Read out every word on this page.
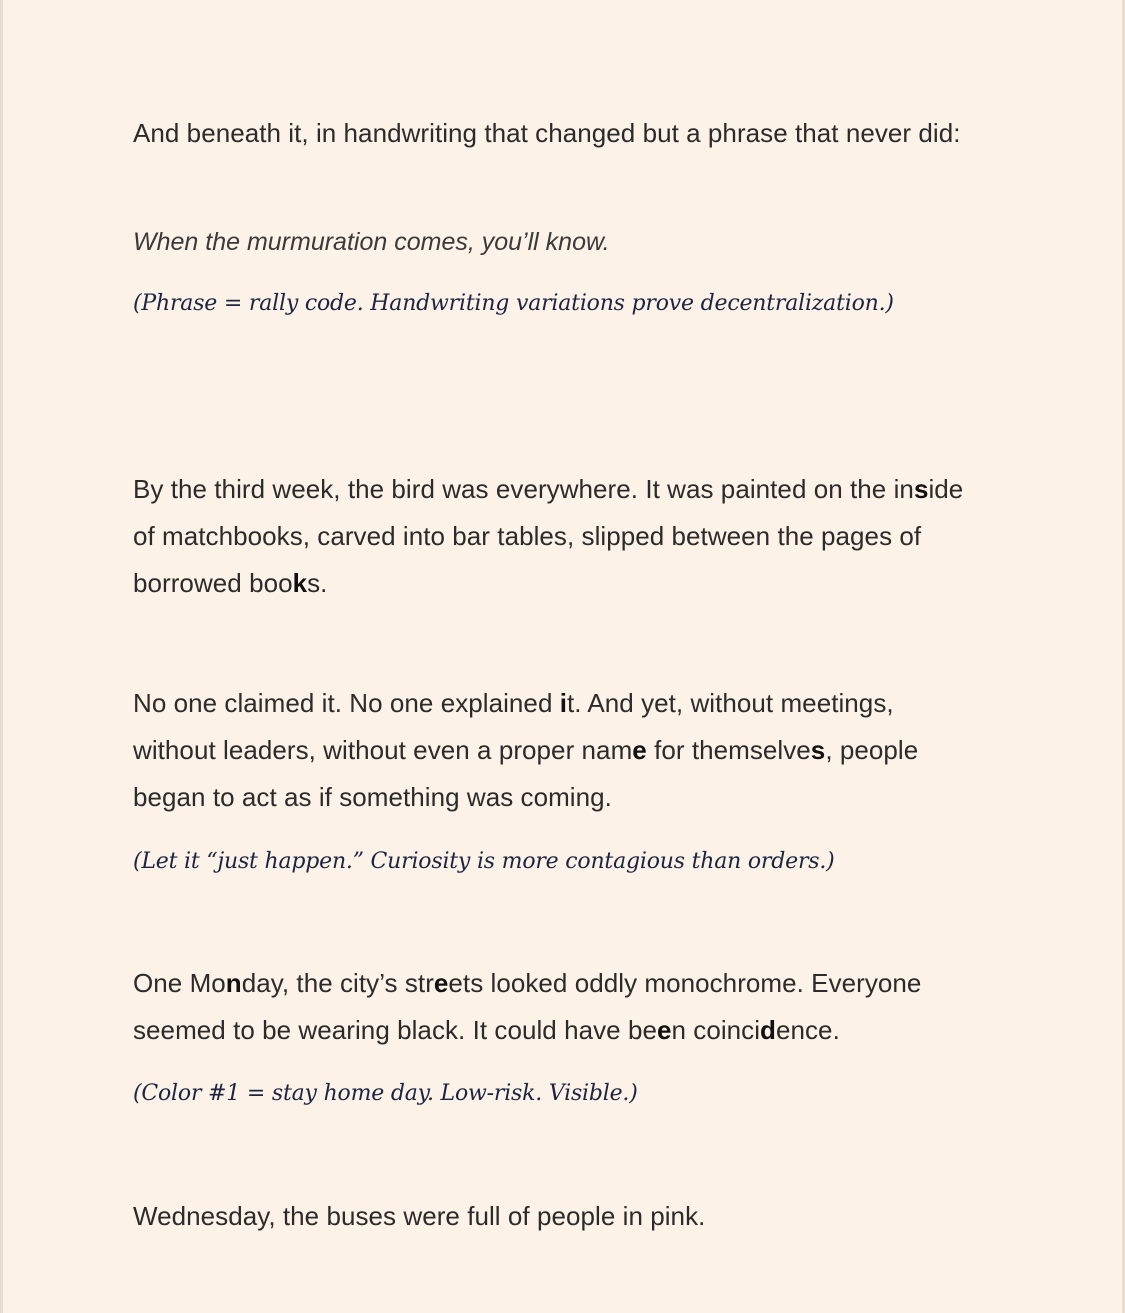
And beneath it, in handwriting that changed but a phrase that never did:

When the murmuration comes, you’ll know.

(Phrase = rally code. Handwriting variations prove decentralization.)

By the third week, the bird was everywhere. It was painted on the inside of matchbooks, carved into bar tables, slipped between the pages of borrowed books.

No one claimed it. No one explained it. And yet, without meetings, without leaders, without even a proper name for themselves, people began to act as if something was coming.

(Let it “just happen.” Curiosity is more contagious than orders.)

One Monday, the city’s streets looked oddly monochrome. Everyone seemed to be wearing black. It could have been coincidence.

(Color #1 = stay home day. Low-risk. Visible.)

Wednesday, the buses were full of people in pink.
